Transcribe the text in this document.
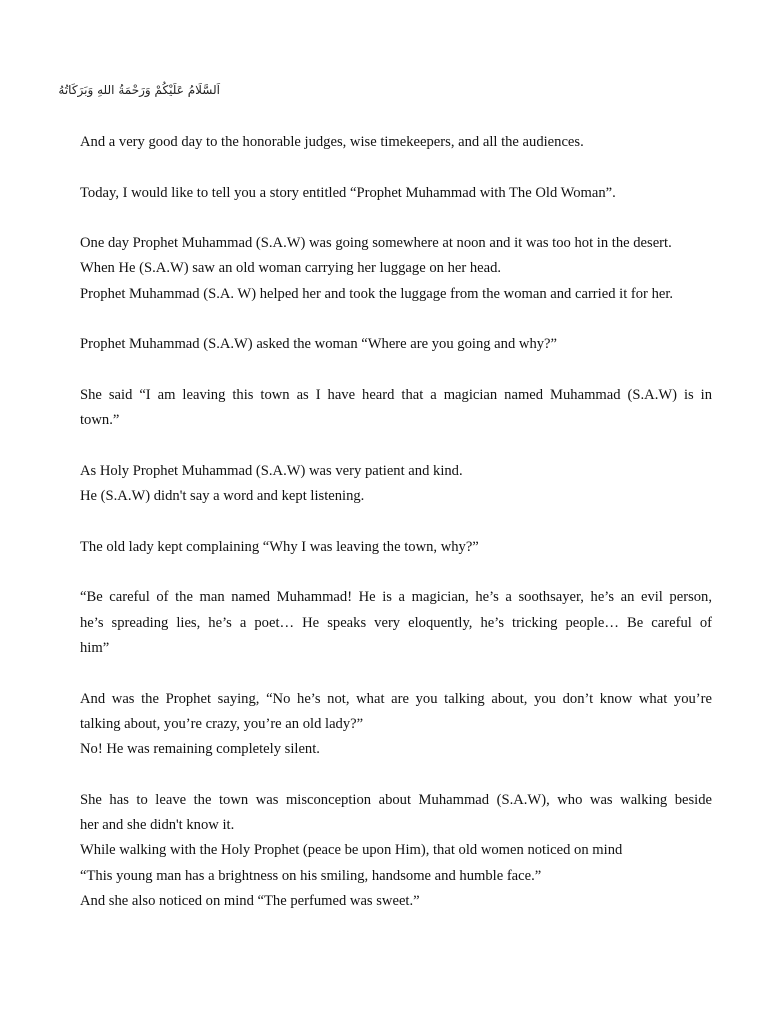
اَلسَّلَامُ عَلَيْكُمْ وَرَحْمَةُ اللهِ وَبَرَكَاتُهُ
And a very good day to the honorable judges, wise timekeepers, and all the audiences.
Today, I would like to tell you a story entitled “Prophet Muhammad with The Old Woman”.
One day Prophet Muhammad (S.A.W) was going somewhere at noon and it was too hot in the desert.
When He (S.A.W) saw an old woman carrying her luggage on her head.
Prophet Muhammad (S.A. W) helped her and took the luggage from the woman and carried it for her.
Prophet Muhammad (S.A.W) asked the woman “Where are you going and why?”
She said “I am leaving this town as I have heard that a magician named Muhammad (S.A.W) is in
town.”
As Holy Prophet Muhammad (S.A.W) was very patient and kind.
He (S.A.W) didn't say a word and kept listening.
The old lady kept complaining “Why I was leaving the town, why?”
“Be careful of the man named Muhammad! He is a magician, he’s a soothsayer, he’s an evil person,
he’s spreading lies, he’s a poet… He speaks very eloquently, he’s tricking people… Be careful of
him”
And was the Prophet saying, “No he’s not, what are you talking about, you don’t know what you’re
talking about, you’re crazy, you’re an old lady?”
No! He was remaining completely silent.
She has to leave the town was misconception about Muhammad (S.A.W), who was walking beside
her and she didn't know it.
While walking with the Holy Prophet (peace be upon Him), that old women noticed on mind
“This young man has a brightness on his smiling, handsome and humble face.”
And she also noticed on mind “The perfumed was sweet.”
